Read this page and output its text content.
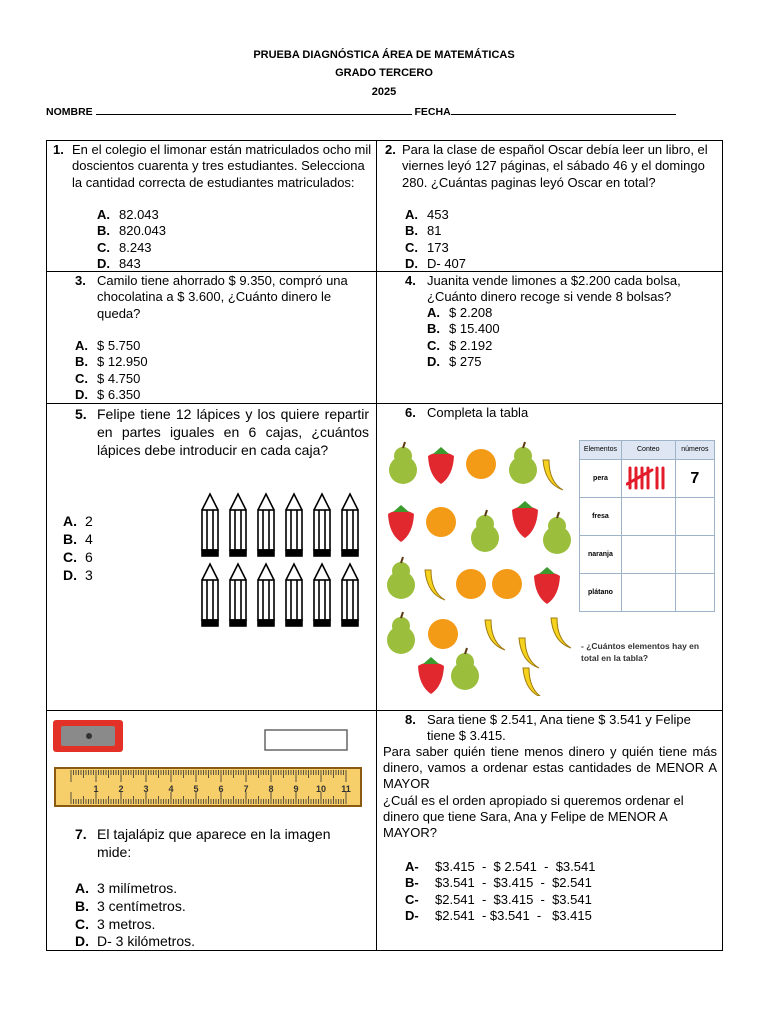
PRUEBA DIAGNÓSTICA ÁREA DE MATEMÁTICAS
GRADO TERCERO
2025
NOMBRE	FECHA
1. En el colegio el limonar están matriculados ocho mil doscientos cuarenta y tres estudiantes. Selecciona la cantidad correcta de estudiantes matriculados:
A. 82.043
B. 820.043
C. 8.243
D. 843
2. Para la clase de español Oscar debía leer un libro, el viernes leyó 127 páginas, el sábado 46 y el domingo 280. ¿Cuántas paginas leyó Oscar en total?
A. 453
B. 81
C. 173
D. D- 407
3. Camilo tiene ahorrado $ 9.350, compró una chocolatina a $ 3.600, ¿Cuánto dinero le queda?
A. $ 5.750
B. $ 12.950
C. $ 4.750
D. $ 6.350
4. Juanita vende limones a $2.200 cada bolsa, ¿Cuánto dinero recoge si vende 8 bolsas?
A. $ 2.208
B. $ 15.400
C. $ 2.192
D. $ 275
5. Felipe tiene 12 lápices y los quiere repartir en partes iguales en 6 cajas, ¿cuántos lápices debe introducir en cada caja?
A. 2
B. 4
C. 6
D. 3
6. Completa la tabla
Elementos	Conteo	números
pera		7
fresa		
naranja		
plátano		
- ¿Cuántos elementos hay en total en la tabla?
1 2 3 4 5 6 7 8 9 10 11
7. El tajalápiz que aparece en la imagen mide:
A. 3 milímetros.
B. 3 centímetros.
C. 3 metros.
D. D- 3 kilómetros.
8. Sara tiene $ 2.541, Ana tiene $ 3.541 y Felipe tiene $ 3.415.
Para saber quién tiene menos dinero y quién tiene más dinero, vamos a ordenar estas cantidades de MENOR A MAYOR
¿Cuál es el orden apropiado si queremos ordenar el dinero que tiene Sara, Ana y Felipe de MENOR A MAYOR?
A- $3.415  -  $ 2.541  -  $3.541
B- $3.541  -  $3.415  -  $2.541
C- $2.541  -  $3.415  -  $3.541
D- $2.541  - $3.541  -   $3.415
